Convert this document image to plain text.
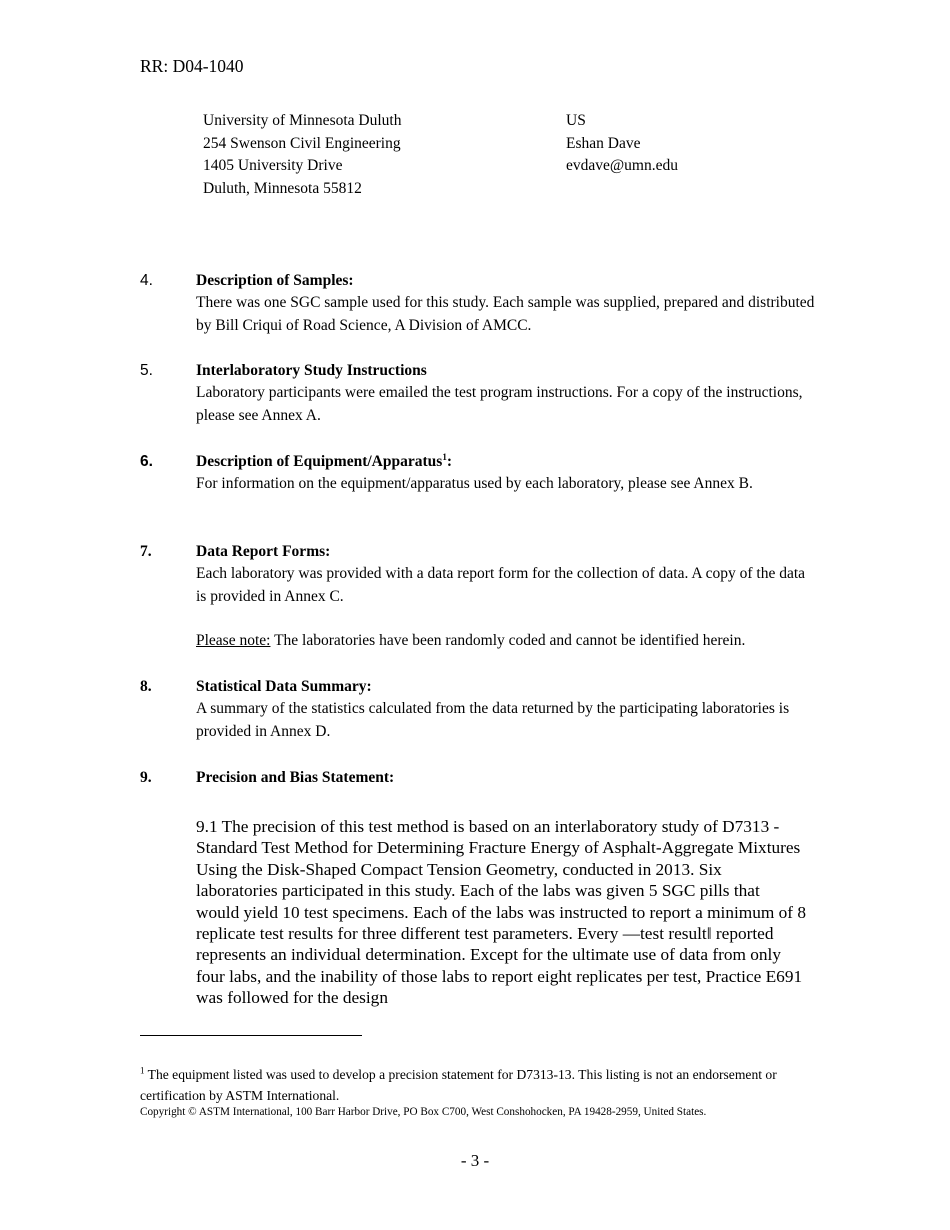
RR: D04-1040
University of Minnesota Duluth
254 Swenson Civil Engineering
1405 University Drive
Duluth, Minnesota 55812
US
Eshan Dave
evdave@umn.edu
4.	Description of Samples:
There was one SGC sample used for this study. Each sample was supplied, prepared and distributed by Bill Criqui of Road Science, A Division of AMCC.
5.	Interlaboratory Study Instructions
Laboratory participants were emailed the test program instructions. For a copy of the instructions, please see Annex A.
6.	Description of Equipment/Apparatus$^1$:
For information on the equipment/apparatus used by each laboratory, please see Annex B.
7.	Data Report Forms:
Each laboratory was provided with a data report form for the collection of data. A copy of the data is provided in Annex C.
Please note: The laboratories have been randomly coded and cannot be identified herein.
8.	Statistical Data Summary:
A summary of the statistics calculated from the data returned by the participating laboratories is provided in Annex D.
9.	Precision and Bias Statement:
9.1 The precision of this test method is based on an interlaboratory study of D7313 - Standard Test Method for Determining Fracture Energy of Asphalt-Aggregate Mixtures Using the Disk-Shaped Compact Tension Geometry, conducted in 2013. Six laboratories participated in this study. Each of the labs was given 5 SGC pills that would yield 10 test specimens. Each of the labs was instructed to report a minimum of 8 replicate test results for three different test parameters. Every ―test result‖ reported represents an individual determination. Except for the ultimate use of data from only four labs, and the inability of those labs to report eight replicates per test, Practice E691 was followed for the design
$^1$ The equipment listed was used to develop a precision statement for D7313-13. This listing is not an endorsement or certification by ASTM International.
Copyright © ASTM International, 100 Barr Harbor Drive, PO Box C700, West Conshohocken, PA 19428-2959, United States.
- 3 -
